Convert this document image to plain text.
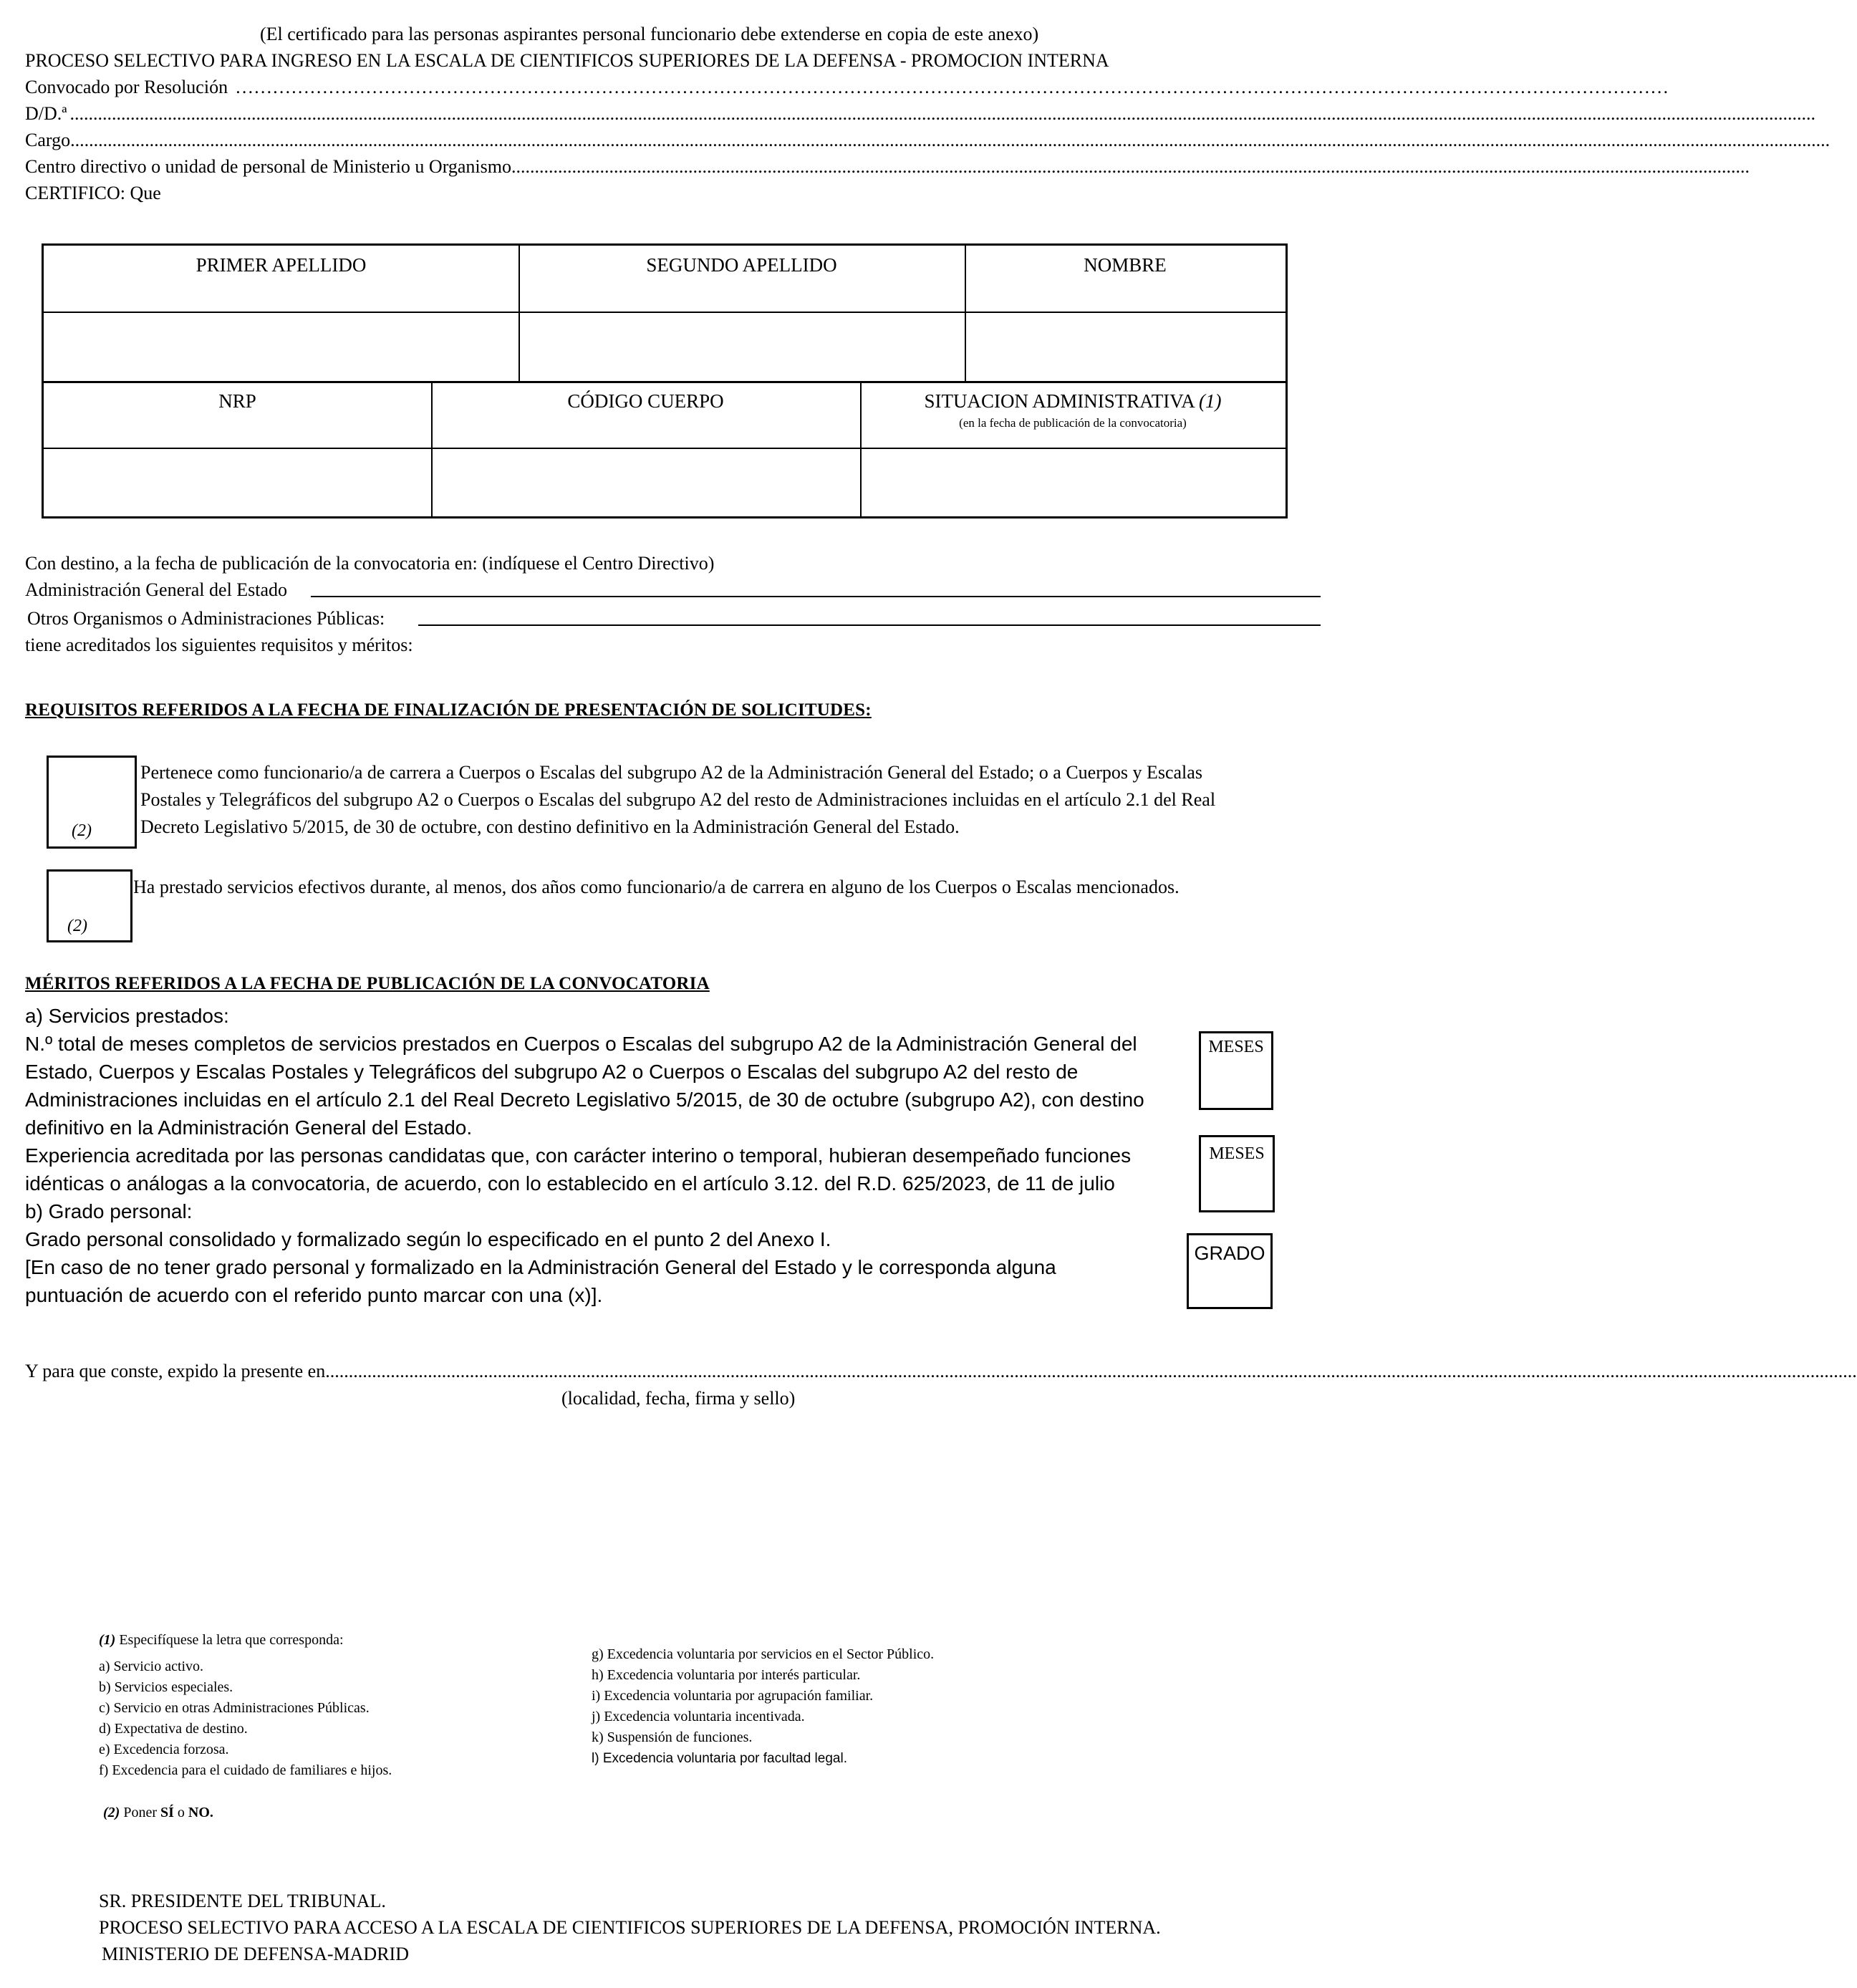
(El certificado para las personas aspirantes personal funcionario debe extenderse en copia de este anexo)
PROCESO SELECTIVO PARA INGRESO EN LA ESCALA DE CIENTIFICOS SUPERIORES DE LA DEFENSA - PROMOCION INTERNA
Convocado por Resolución ……………………………………………………………………………………………………………………………………………………………………………………………………………
D/D.ª .......................................................................................................................................................................................................................................................................................................................................................................................
Cargo ..........................................................................................................................................................................................................................................................................................................................................................................................
Centro directivo o unidad de personal de Ministerio u Organismo ..........................................................................................................................................................................................................................................................................
CERTIFICO: Que
PRIMER APELLIDO	SEGUNDO APELLIDO	NOMBRE
NRP	CÓDIGO CUERPO	SITUACION ADMINISTRATIVA (1)
(en la fecha de publicación de la convocatoria)
Con destino, a la fecha de publicación de la convocatoria en: (indíquese el Centro Directivo)
Administración General del Estado
Otros Organismos o Administraciones Públicas:
tiene acreditados los siguientes requisitos y méritos:
REQUISITOS REFERIDOS A LA FECHA DE FINALIZACIÓN DE PRESENTACIÓN DE SOLICITUDES:
(2)
Pertenece como funcionario/a de carrera a Cuerpos o Escalas del subgrupo A2 de la Administración General del Estado; o a Cuerpos y Escalas
Postales y Telegráficos del subgrupo A2 o Cuerpos o Escalas del subgrupo A2 del resto de Administraciones incluidas en el artículo 2.1 del Real
Decreto Legislativo 5/2015, de 30 de octubre, con destino definitivo en la Administración General del Estado.
(2)
Ha prestado servicios efectivos durante, al menos, dos años como funcionario/a de carrera en alguno de los Cuerpos o Escalas mencionados.
MÉRITOS REFERIDOS A LA FECHA DE PUBLICACIÓN DE LA CONVOCATORIA
a) Servicios prestados:
N.º total de meses completos de servicios prestados en Cuerpos o Escalas del subgrupo A2 de la Administración General del
Estado, Cuerpos y Escalas Postales y Telegráficos del subgrupo A2 o Cuerpos o Escalas del subgrupo A2 del resto de
Administraciones incluidas en el artículo 2.1 del Real Decreto Legislativo 5/2015, de 30 de octubre (subgrupo A2), con destino
definitivo en la Administración General del Estado.
Experiencia acreditada por las personas candidatas que, con carácter interino o temporal, hubieran desempeñado funciones
idénticas o análogas a la convocatoria, de acuerdo, con lo establecido en el artículo 3.12. del R.D. 625/2023, de 11 de julio
b) Grado personal:
Grado personal consolidado y formalizado según lo especificado en el punto 2 del Anexo I.
[En caso de no tener grado personal y formalizado en la Administración General del Estado y le corresponda alguna
puntuación de acuerdo con el referido punto marcar con una (x)].
MESES
MESES
GRADO
Y para que conste, expido la presente en .........................................................................................................................................................................................................................................................................................................................................
(localidad, fecha, firma y sello)
(1) Especifíquese la letra que corresponda:
a) Servicio activo.
b) Servicios especiales.
c) Servicio en otras Administraciones Públicas.
d) Expectativa de destino.
e) Excedencia forzosa.
f) Excedencia para el cuidado de familiares e hijos.
g) Excedencia voluntaria por servicios en el Sector Público.
h) Excedencia voluntaria por interés particular.
i) Excedencia voluntaria por agrupación familiar.
j) Excedencia voluntaria incentivada.
k) Suspensión de funciones.
l) Excedencia voluntaria por facultad legal.
(2) Poner SÍ o NO.
SR. PRESIDENTE DEL TRIBUNAL.
PROCESO SELECTIVO PARA ACCESO A LA ESCALA DE CIENTIFICOS SUPERIORES DE LA DEFENSA, PROMOCIÓN INTERNA.
MINISTERIO DE DEFENSA-MADRID
